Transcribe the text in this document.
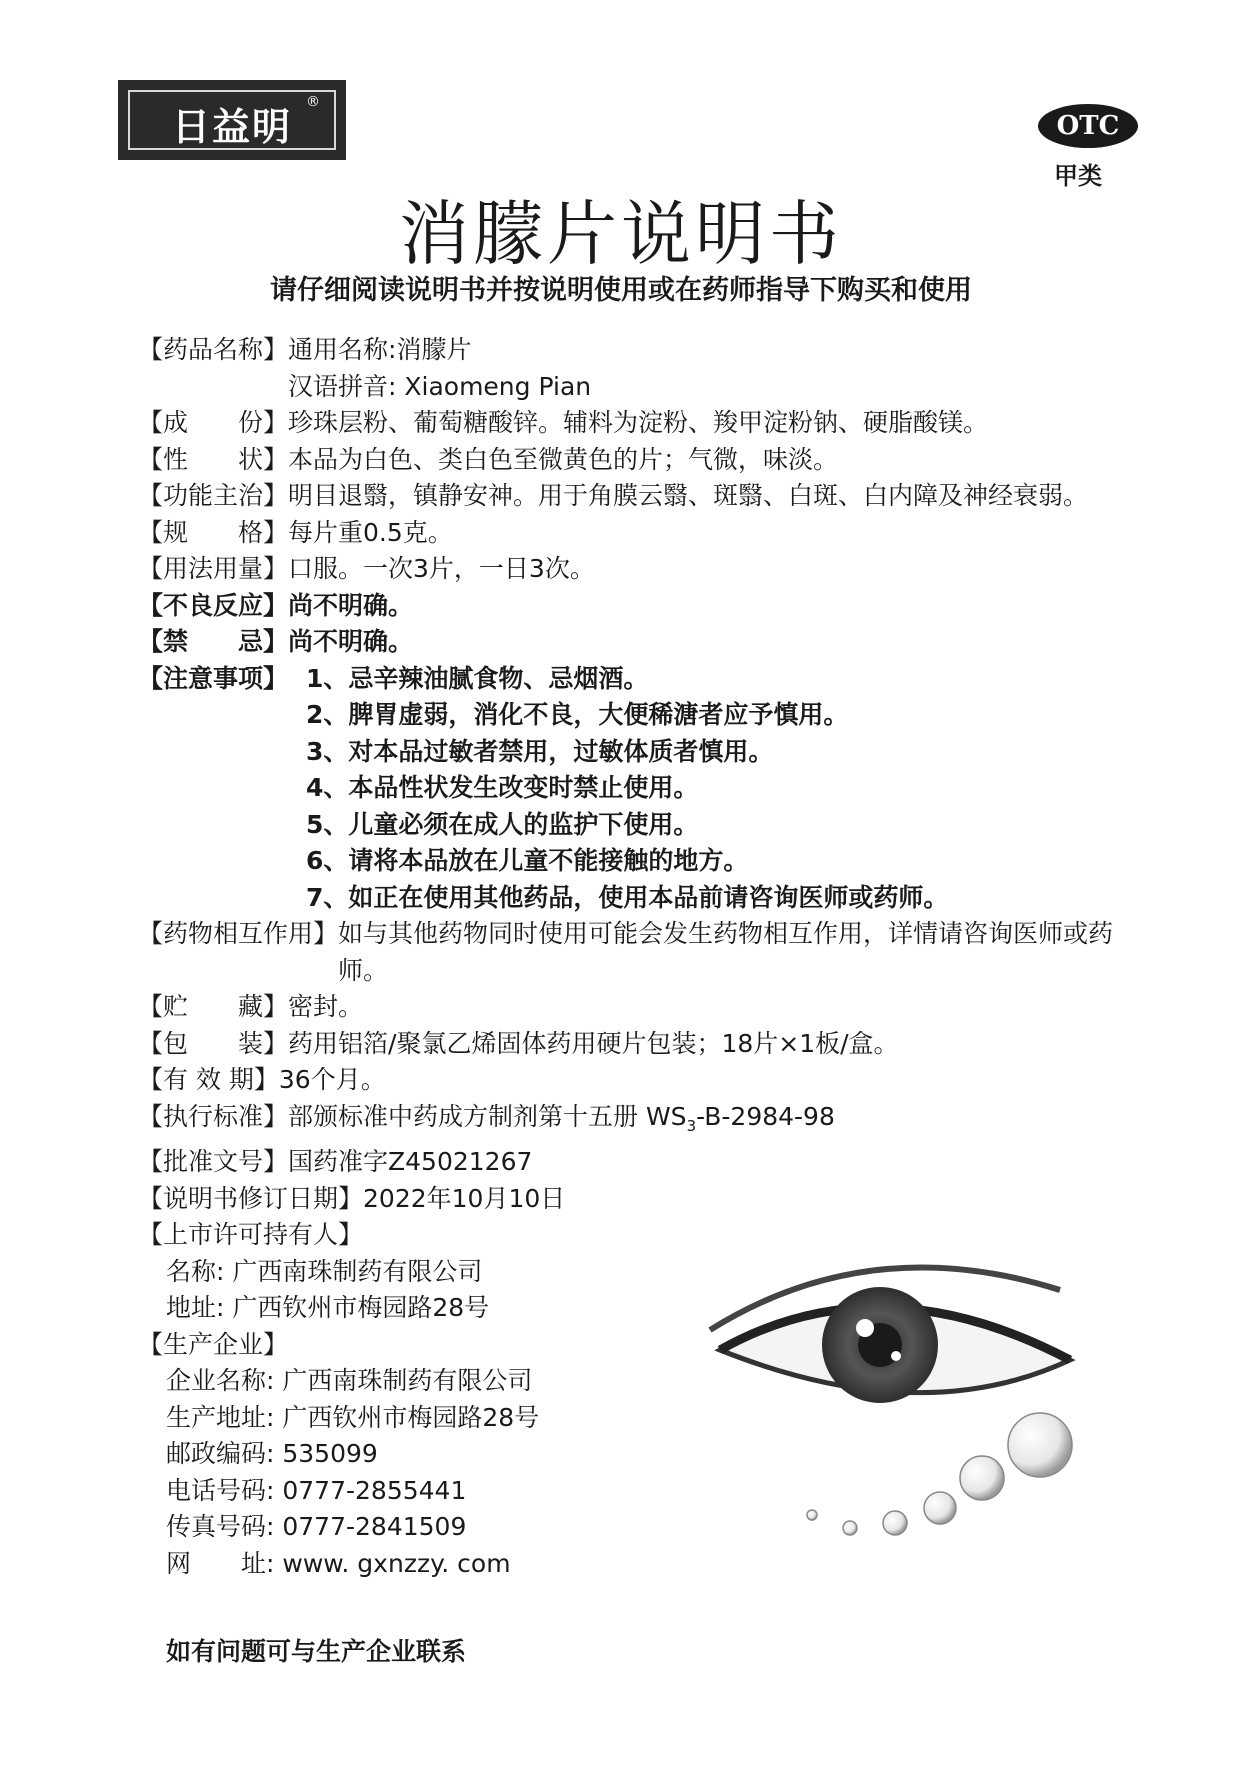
日益明
®
OTC
甲类
消朦片说明书
请仔细阅读说明书并按说明使用或在药师指导下购买和使用
【药品名称】 通用名称:消朦片
汉语拼音: Xiaomeng Pian
【成　　份】 珍珠层粉、葡萄糖酸锌。辅料为淀粉、羧甲淀粉钠、硬脂酸镁。
【性　　状】 本品为白色、类白色至微黄色的片；气微，味淡。
【功能主治】 明目退翳，镇静安神。用于角膜云翳、斑翳、白斑、白内障及神经衰弱。
【规　　格】 每片重0.5克。
【用法用量】 口服。一次3片，一日3次。
【不良反应】 尚不明确。
【禁　　忌】 尚不明确。
【注意事项】 1、忌辛辣油腻食物、忌烟酒。
2、脾胃虚弱，消化不良，大便稀溏者应予慎用。
3、对本品过敏者禁用，过敏体质者慎用。
4、本品性状发生改变时禁止使用。
5、儿童必须在成人的监护下使用。
6、请将本品放在儿童不能接触的地方。
7、如正在使用其他药品，使用本品前请咨询医师或药师。
【药物相互作用】 如与其他药物同时使用可能会发生药物相互作用，详情请咨询医师或药师。
【贮　　藏】 密封。
【包　　装】 药用铝箔/聚氯乙烯固体药用硬片包装；18片×1板/盒。
【有 效 期】 36个月。
【执行标准】 部颁标准中药成方制剂第十五册 $WS_3-B-2984-98$
【批准文号】 国药准字Z45021267
【说明书修订日期】 2022年10月10日
【上市许可持有人】
名称: 广西南珠制药有限公司
地址: 广西钦州市梅园路28号
【生产企业】
企业名称: 广西南珠制药有限公司
生产地址: 广西钦州市梅园路28号
邮政编码: 535099
电话号码: 0777-2855441
传真号码: 0777-2841509
网　　址: www. gxnzzy. com
如有问题可与生产企业联系
